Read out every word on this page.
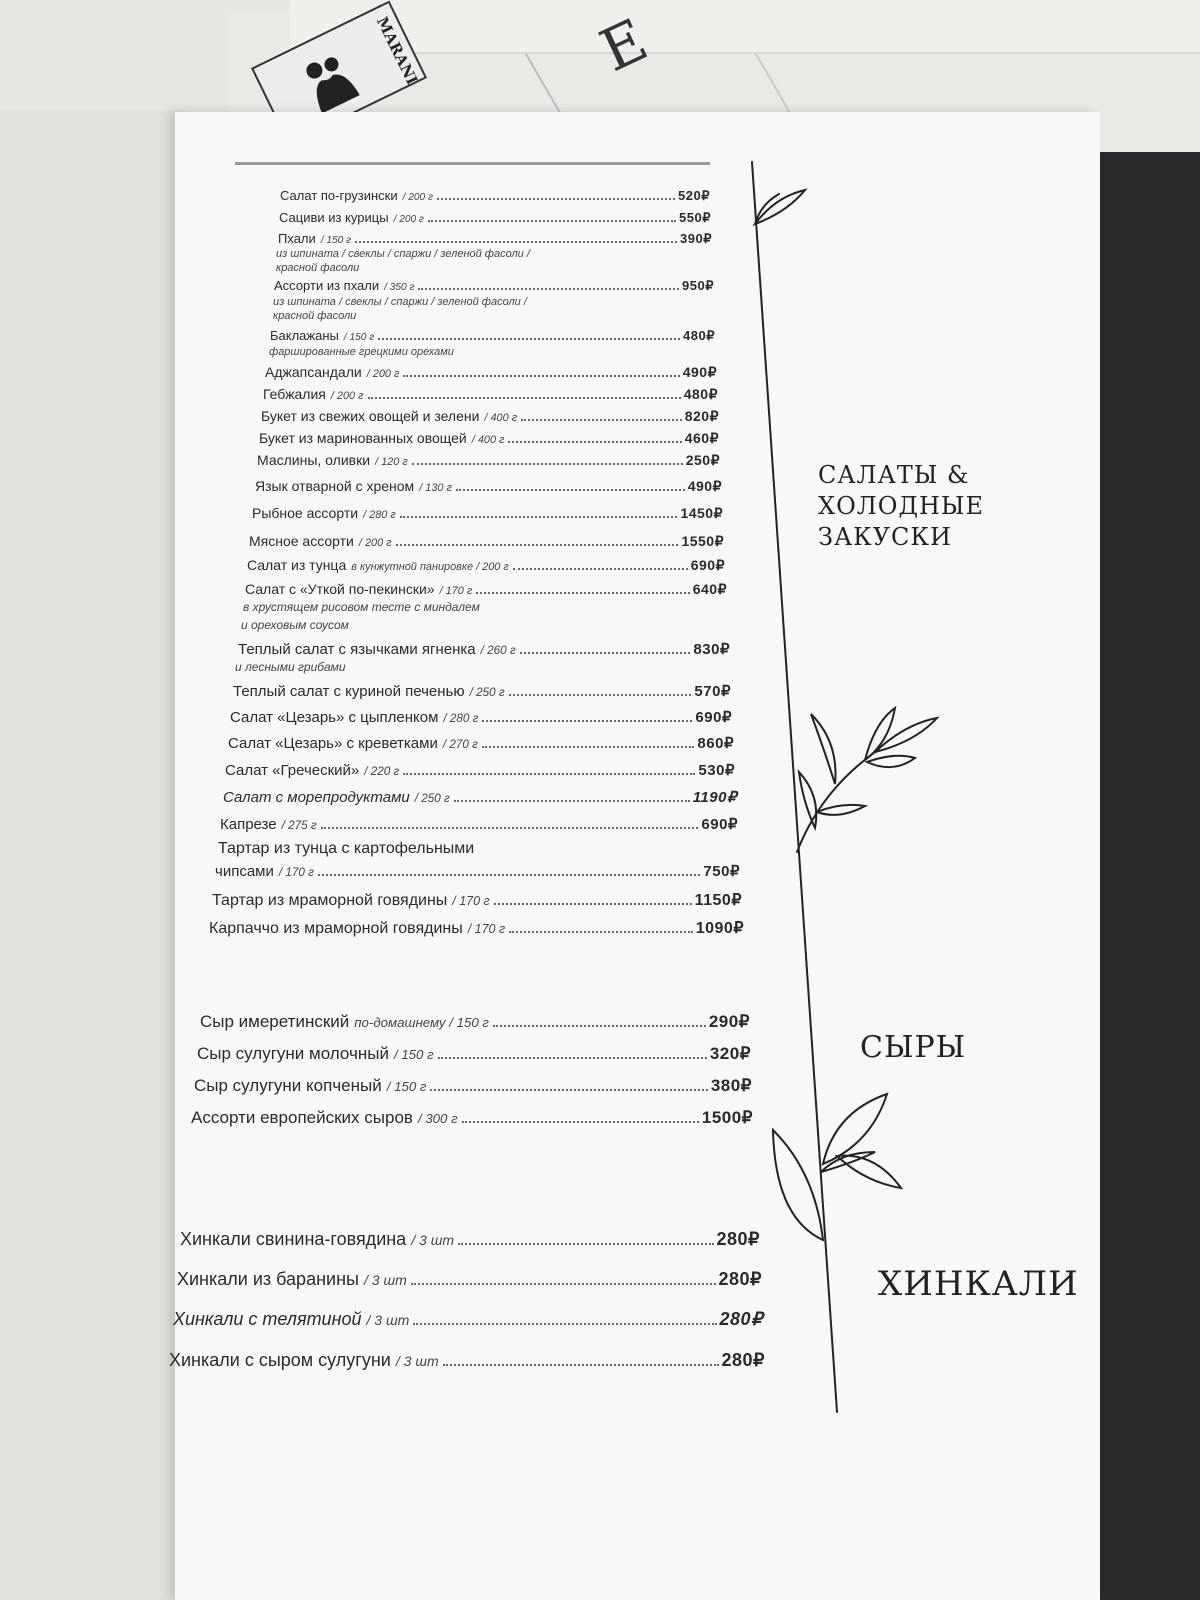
E
MARANI
Салат по-грузински / 200 г	520₽
Сациви из курицы / 200 г	550₽
Пхали / 150 г	390₽
из шпината / свеклы / спаржи / зеленой фасоли /
красной фасоли
Ассорти из пхали / 350 г	950₽
из шпината / свеклы / спаржи / зеленой фасоли /
красной фасоли
Баклажаны / 150 г	480₽
фаршированные грецкими орехами
Аджапсандали / 200 г	490₽
Гебжалия / 200 г	480₽
Букет из свежих овощей и зелени / 400 г	820₽
Букет из маринованных овощей / 400 г	460₽
Маслины, оливки / 120 г	250₽
Язык отварной с хреном / 130 г	490₽
Рыбное ассорти / 280 г	1450₽
Мясное ассорти / 200 г	1550₽
Салат из тунца в кунжутной панировке / 200 г	690₽
Салат с «Уткой по-пекински» / 170 г	640₽
в хрустящем рисовом тесте с миндалем
и ореховым соусом
Теплый салат с язычками ягненка / 260 г	830₽
и лесными грибами
Теплый салат с куриной печенью / 250 г	570₽
Салат «Цезарь» с цыпленком / 280 г	690₽
Салат «Цезарь» с креветками / 270 г	860₽
Салат «Греческий» / 220 г	530₽
Салат с морепродуктами / 250 г	1190₽
Капрезе / 275 г	690₽
Тартар из тунца с картофельными
чипсами / 170 г	750₽
Тартар из мраморной говядины / 170 г	1150₽
Карпаччо из мраморной говядины / 170 г	1090₽
Сыр имеретинский по-домашнему / 150 г	290₽
Сыр сулугуни молочный / 150 г	320₽
Сыр сулугуни копченый / 150 г	380₽
Ассорти европейских сыров / 300 г	1500₽
Хинкали свинина-говядина / 3 шт	280₽
Хинкали из баранины / 3 шт	280₽
Хинкали с телятиной / 3 шт	280₽
Хинкали с сыром сулугуни / 3 шт	280₽
САЛАТЫ &
ХОЛОДНЫЕ
ЗАКУСКИ
СЫРЫ
ХИНКАЛИ
